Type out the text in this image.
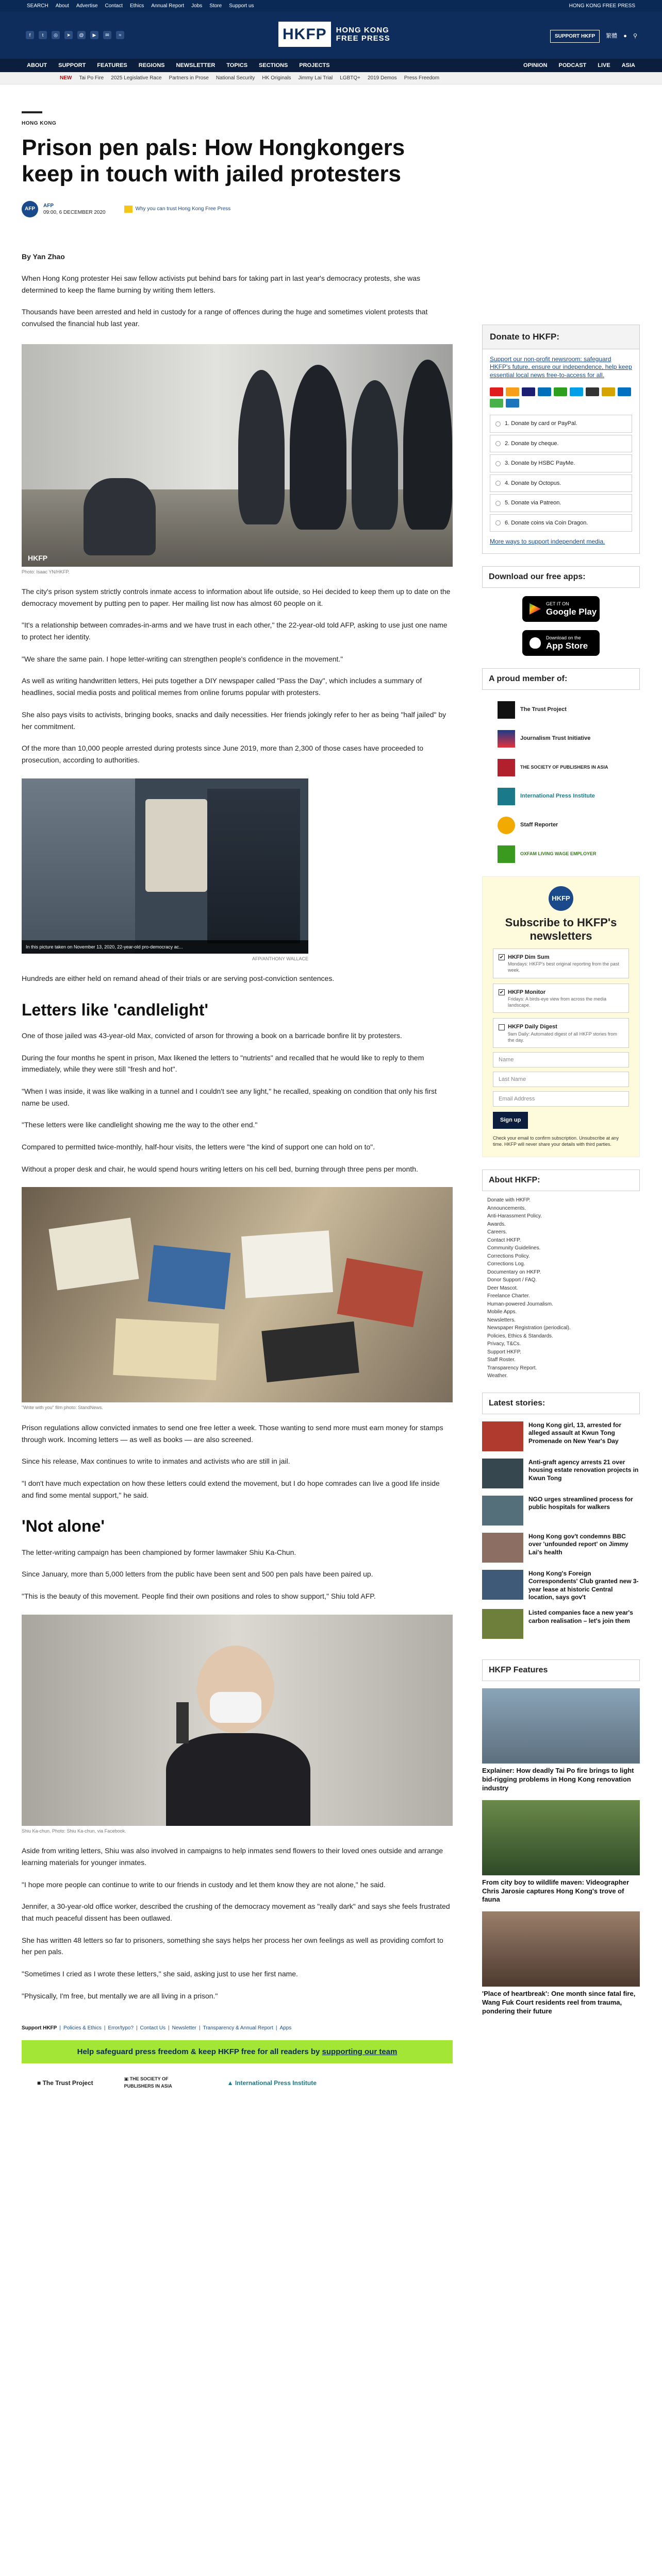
SEARCH About Advertise Contact Ethics Annual Report Jobs Store Support us	HONG KONG FREE PRESS
f	t	◎	➤	@	▶	✉	≈	HKFP	HONG KONG
FREE PRESS	SUPPORT HKFP	繁體 ● ⚲
ABOUT SUPPORT FEATURES REGIONS NEWSLETTER TOPICS SECTIONS PROJECTS	OPINION PODCAST LIVE ASIA
NEW Tai Po Fire 2025 Legislative Race Partners in Prose National Security HK Originals Jimmy Lai Trial LGBTQ+ 2019 Demos Press Freedom
HONG KONG
Prison pen pals: How Hongkongers keep in touch with jailed protesters
AFP
AFP
09:00, 6 DECEMBER 2020
Why you can trust Hong Kong Free Press
By Yan Zhao

When Hong Kong protester Hei saw fellow activists put behind bars for taking part in last year's democracy protests, she was determined to keep the flame burning by writing them letters.

Thousands have been arrested and held in custody for a range of offences during the huge and sometimes violent protests that convulsed the financial hub last year.

HKFP
Photo: Isaac YN/HKFP.

The city's prison system strictly controls inmate access to information about life outside, so Hei decided to keep them up to date on the democracy movement by putting pen to paper. Her mailing list now has almost 60 people on it.

"It's a relationship between comrades-in-arms and we have trust in each other," the 22-year-old told AFP, asking to use just one name to protect her identity.

"We share the same pain. I hope letter-writing can strengthen people's confidence in the movement."

As well as writing handwritten letters, Hei puts together a DIY newspaper called "Pass the Day", which includes a summary of headlines, social media posts and political memes from online forums popular with protesters.

She also pays visits to activists, bringing books, snacks and daily necessities. Her friends jokingly refer to her as being "half jailed" by her commitment.

Of the more than 10,000 people arrested during protests since June 2019, more than 2,300 of those cases have proceeded to prosecution, according to authorities.

In this picture taken on November 13, 2020, 22-year-old pro-democracy ac...
AFP/ANTHONY WALLACE

Hundreds are either held on remand ahead of their trials or are serving post-conviction sentences.

Letters like 'candlelight'

One of those jailed was 43-year-old Max, convicted of arson for throwing a book on a barricade bonfire lit by protesters.

During the four months he spent in prison, Max likened the letters to "nutrients" and recalled that he would like to reply to them immediately, while they were still "fresh and hot".

"When I was inside, it was like walking in a tunnel and I couldn't see any light," he recalled, speaking on condition that only his first name be used.

"These letters were like candlelight showing me the way to the other end."

Compared to permitted twice-monthly, half-hour visits, the letters were "the kind of support one can hold on to".

Without a proper desk and chair, he would spend hours writing letters on his cell bed, burning through three pens per month.

"Write with you" film photo: StandNews.

Prison regulations allow convicted inmates to send one free letter a week. Those wanting to send more must earn money for stamps through work. Incoming letters — as well as books — are also screened.

Since his release, Max continues to write to inmates and activists who are still in jail.

"I don't have much expectation on how these letters could extend the movement, but I do hope comrades can live a good life inside and find some mental support," he said.

'Not alone'

The letter-writing campaign has been championed by former lawmaker Shiu Ka-Chun.

Since January, more than 5,000 letters from the public have been sent and 500 pen pals have been paired up.

"This is the beauty of this movement. People find their own positions and roles to show support," Shiu told AFP.

Shiu Ka-chun. Photo: Shiu Ka-chun, via Facebook.

Aside from writing letters, Shiu was also involved in campaigns to help inmates send flowers to their loved ones outside and arrange learning materials for younger inmates.

"I hope more people can continue to write to our friends in custody and let them know they are not alone," he said.

Jennifer, a 30-year-old office worker, described the crushing of the democracy movement as "really dark" and says she feels frustrated that much peaceful dissent has been outlawed.

She has written 48 letters so far to prisoners, something she says helps her process her own feelings as well as providing comfort to her pen pals.

"Sometimes I cried as I wrote these letters," she said, asking just to use her first name.

"Physically, I'm free, but mentally we are all living in a prison."

Support HKFP | Policies & Ethics | Error/typo? | Contact Us | Newsletter | Transparency & Annual Report | Apps
Help safeguard press freedom & keep HKFP free for all readers by supporting our team
■ The Trust Project
▣ THE SOCIETY OF PUBLISHERS IN ASIA	▲ International Press Institute
Donate to HKFP:
Support our non-profit newsroom: safeguard HKFP's future, ensure our independence, help keep essential local news free-to-access for all.
1. Donate by card or PayPal.
2. Donate by cheque.
3. Donate by HSBC PayMe.
4. Donate by Octopus.
5. Donate via Patreon.
6. Donate coins via Coin Dragon.
More ways to support independent media.
Download our free apps:
GET IT ON
Google Play
Download on the
App Store
A proud member of:
The Trust Project
Journalism Trust Initiative
THE SOCIETY OF PUBLISHERS IN ASIA
International Press Institute
Staff Reporter
OXFAM LIVING WAGE EMPLOYER
HKFP
Subscribe to HKFP's newsletters
✔ HKFP Dim Sum
Mondays: HKFP's best original reporting from the past week.
✔ HKFP Monitor
Fridays: A birds-eye view from across the media landscape.
HKFP Daily Digest
9am Daily: Automated digest of all HKFP stories from the day.
Name
Last Name
Email Address
Sign up
Check your email to confirm subscription. Unsubscribe at any time. HKFP will never share your details with third parties.
About HKFP:
Donate with HKFP.
Announcements.
Anti-Harassment Policy.
Awards.
Careers.
Contact HKFP.
Community Guidelines.
Corrections Policy.
Corrections Log.
Documentary on HKFP.
Donor Support / FAQ.
Deer Mascot.
Freelance Charter.
Human-powered Journalism.
Mobile Apps.
Newsletters.
Newspaper Registration (periodical).
Policies, Ethics & Standards.
Privacy, T&Cs.
Support HKFP.
Staff Roster.
Transparency Report.
Weather.
Latest stories:
Hong Kong girl, 13, arrested for alleged assault at Kwun Tong Promenade on New Year's Day
Anti-graft agency arrests 21 over housing estate renovation projects in Kwun Tong
NGO urges streamlined process for public hospitals for walkers
Hong Kong gov't condemns BBC over 'unfounded report' on Jimmy Lai's health
Hong Kong's Foreign Correspondents' Club granted new 3-year lease at historic Central location, says gov't
Listed companies face a new year's carbon realisation – let's join them
HKFP Features
Explainer: How deadly Tai Po fire brings to light bid-rigging problems in Hong Kong renovation industry
From city boy to wildlife maven: Videographer Chris Jarosie captures Hong Kong's trove of fauna
'Place of heartbreak': One month since fatal fire, Wang Fuk Court residents reel from trauma, pondering their future
